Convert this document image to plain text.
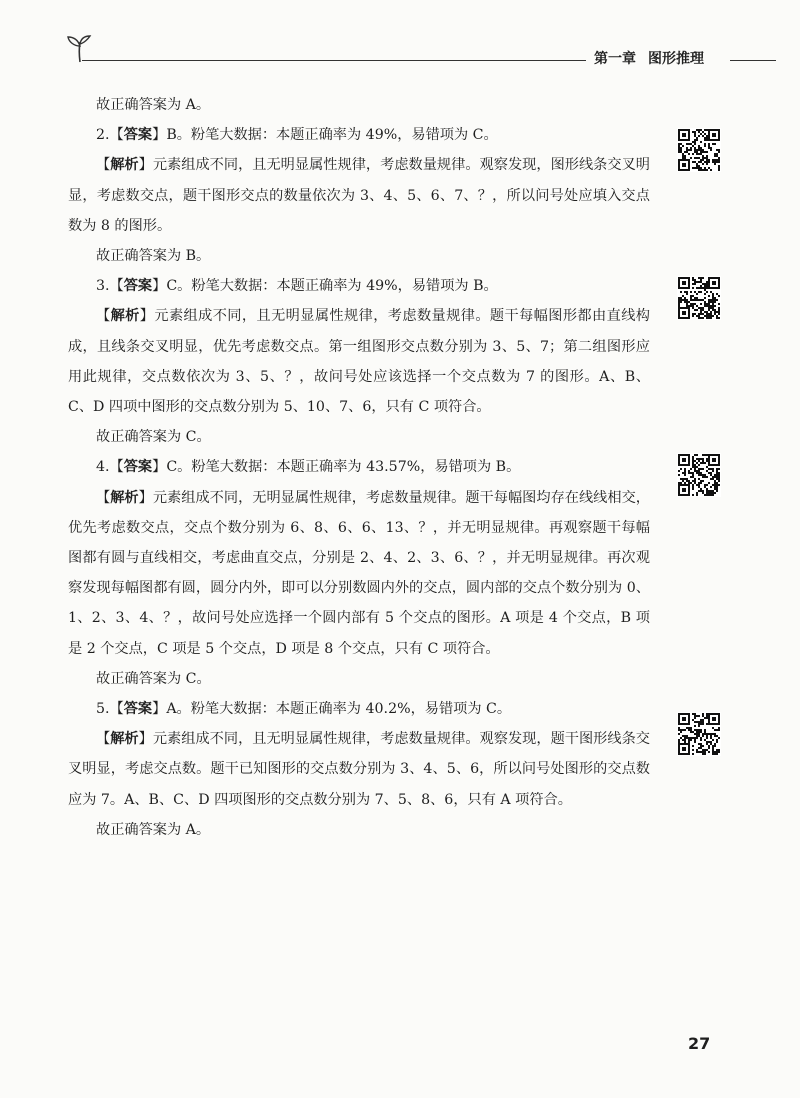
第一章 图形推理

故正确答案为 A。

2.【答案】B。粉笔大数据：本题正确率为 49%，易错项为 C。

【解析】元素组成不同，且无明显属性规律，考虑数量规律。观察发现，图形线条交叉明显，考虑数交点，题干图形交点的数量依次为 3、4、5、6、7、？，所以问号处应填入交点数为 8 的图形。

故正确答案为 B。

3.【答案】C。粉笔大数据：本题正确率为 49%，易错项为 B。

【解析】元素组成不同，且无明显属性规律，考虑数量规律。题干每幅图形都由直线构成，且线条交叉明显，优先考虑数交点。第一组图形交点数分别为 3、5、7；第二组图形应用此规律，交点数依次为 3、5、？，故问号处应该选择一个交点数为 7 的图形。A、B、C、D 四项中图形的交点数分别为 5、10、7、6，只有 C 项符合。

故正确答案为 C。

4.【答案】C。粉笔大数据：本题正确率为 43.57%，易错项为 B。

【解析】元素组成不同，无明显属性规律，考虑数量规律。题干每幅图均存在线线相交，优先考虑数交点，交点个数分别为 6、8、6、6、13、？，并无明显规律。再观察题干每幅图都有圆与直线相交，考虑曲直交点，分别是 2、4、2、3、6、？，并无明显规律。再次观察发现每幅图都有圆，圆分内外，即可以分别数圆内外的交点，圆内部的交点个数分别为 0、1、2、3、4、？，故问号处应选择一个圆内部有 5 个交点的图形。A 项是 4 个交点，B 项是 2 个交点，C 项是 5 个交点，D 项是 8 个交点，只有 C 项符合。

故正确答案为 C。

5.【答案】A。粉笔大数据：本题正确率为 40.2%，易错项为 C。

【解析】元素组成不同，且无明显属性规律，考虑数量规律。观察发现，题干图形线条交叉明显，考虑交点数。题干已知图形的交点数分别为 3、4、5、6，所以问号处图形的交点数应为 7。A、B、C、D 四项图形的交点数分别为 7、5、8、6，只有 A 项符合。

故正确答案为 A。

27
